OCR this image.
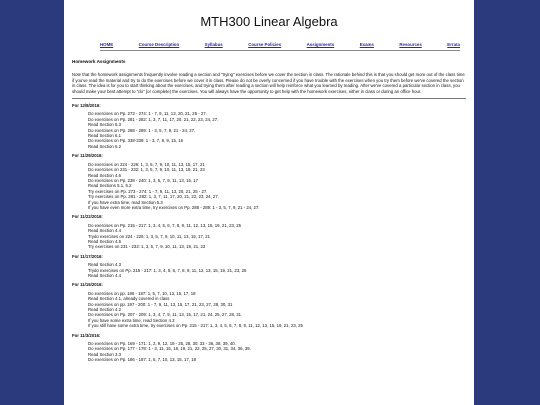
MTH300 Linear Algebra
HOME	Course Description	Syllabus	Course Policies	Assignments	Exams	Resources	Errata
Homework Assignments
Note that the homework assignments frequently involve reading a section and "trying" exercises before we cover the section in class. The rationale behind this is that you should get more out of the class time if you've read the material and try to do the exercises before we cover it in class. Please do not be overly concerned if you have trouble with the exercises when you try them before we've covered the section in class. The idea is for you to start thinking about the exercises, and trying them after reading a section will help reinforce what you learned by reading. After we've covered a particular section in class, you should make your best attempt to "do" (or complete) the exercises. You will always have the opportunity to get help with the homework exercises, either in class or during an office hour.
For 12/8/2016:
Do exercises on Pp. 273 - 274: 1 - 7, 9, 11, 13, 20, 21, 25 - 27.
Do exercises on Pp. 281 - 282: 1, 3, 7, 11, 17, 20, 21, 22, 23, 24, 27.
Read Section 5.3
Do exercises on Pp. 288 - 289: 1 - 3, 5, 7, 9, 21 - 24, 27.
Read Section 6.1
Do exercises on Pp. 338-339: 1 - 3, 7, 8, 9, 15, 16
Read Section 6.2
For 11/29/2016:
Do exercises on 224 - 226: 1, 3, 5, 7, 9, 10, 11, 13, 15, 17, 21
Do exercises on 231 - 232: 1, 3, 5, 7, 9, 10, 11, 13, 19, 21, 23
Read Section 4.6
Do exercises on Pp. 238 - 240: 1, 3, 5, 7, 9, 11, 13, 15, 17
Read Sections 5.1, 5.2
Try exercises on Pp. 273 - 274: 1 - 7, 9, 11, 13, 20, 21, 25 - 27.
Try exercises on Pp. 281 - 282: 1, 3, 7, 11, 17, 20, 21, 22, 23, 24, 27.
If you have extra time, read Section 5.3
If you have even more extra time, try exercises on Pp. 288 - 289: 1 - 3, 5, 7, 9, 21 - 24, 27.
For 11/22/2016:
Do exercises on Pp. 215 - 217: 1, 3, 4, 5, 6, 7, 8, 9, 11, 12, 13, 15, 19, 21, 23, 25
Read Section 4.4
Trydo exercises on 224 - 226: 1, 3, 5, 7, 9, 10, 11, 13, 15, 17, 21
Read Section 4.5
Try exercises on 231 - 232: 1, 3, 5, 7, 9, 10, 11, 13, 19, 21, 23
For 11/17/2016:
Read Section 4.3
Trydo exercises on Pp. 215 - 217: 1, 3, 4, 5, 6, 7, 8, 9, 11, 12, 13, 15, 19, 21, 23, 25
Read Section 4.4
For 11/15/2016:
Do exercises on pp. 186 - 187: 1, 5, 7, 10, 13, 15, 17, 18
Read Section 4.1, already covered in class
Do exercises on pp. 197 - 200: 1 - 7, 9, 11, 13, 15, 17, 21, 23, 27, 28, 30, 31
Read Section 4.2
Do exercises on Pp. 207 - 209: 1, 3, 4, 7, 9, 11, 13, 15, 17, 21, 24, 25, 27, 28, 31
If you have some extra time, read Section 4.3
If you still have some extra time, try exercises on Pp. 215 - 217: 1, 3, 4, 5, 6, 7, 8, 9, 11, 12, 13, 15, 19, 21, 23, 25
For 11/3/2016:
Do exercises on Pp. 169 - 171: 1, 2, 9, 12, 19 - 25, 28, 30, 33 - 36, 38, 39, 40.
Do exercises on Pp. 177 - 178: 1 - 3, 11, 15, 18, 19, 21, 22, 25, 27, 30, 31, 34, 36, 39.
Read Section 3.3
Do exercises on Pp. 186 - 187: 1, 5, 7, 10, 13, 15, 17, 18
